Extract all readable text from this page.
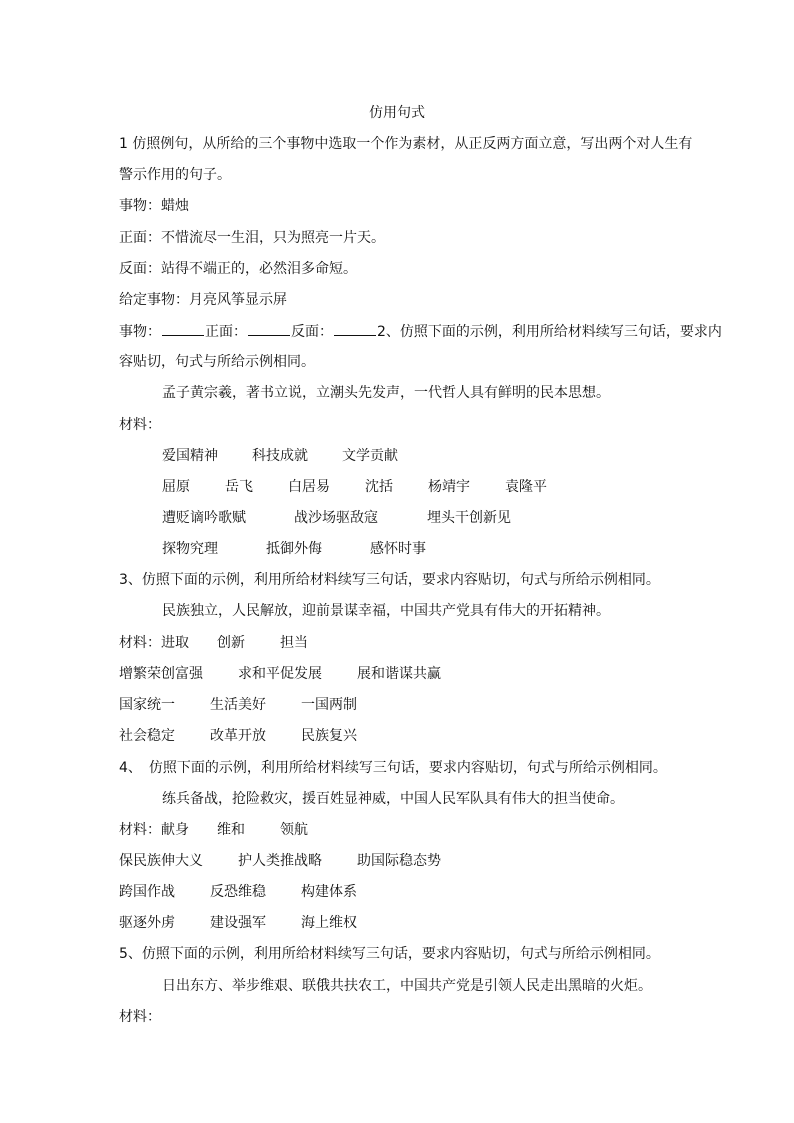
仿用句式
1 仿照例句，从所给的三个事物中选取一个作为素材，从正反两方面立意，写出两个对人生有
警示作用的句子。
事物：蜡烛
正面：不惜流尽一生泪，只为照亮一片天。
反面：站得不端正的，必然泪多命短。
给定事物：月亮风筝显示屏
事物：	正面：	反面：	2、仿照下面的示例，利用所给材料续写三句话，要求内
容贴切，句式与所给示例相同。
孟子黄宗羲，著书立说，立潮头先发声，一代哲人具有鲜明的民本思想。
材料：
爱国精神 科技成就 文学贡献
屈原	岳飞	白居易	沈括	杨靖宇	袁隆平
遭贬谪吟歌赋	战沙场驱敌寇	埋头干创新见
探物究理	抵御外侮	感怀时事
3、仿照下面的示例，利用所给材料续写三句话，要求内容贴切，句式与所给示例相同。
民族独立，人民解放，迎前景谋幸福，中国共产党具有伟大的开拓精神。
材料：进取 创新	担当
增繁荣创富强	求和平促发展	展和谐谋共赢
国家统一	生活美好	一国两制
社会稳定	改革开放	民族复兴
4、　仿照下面的示例，利用所给材料续写三句话，要求内容贴切，句式与所给示例相同。
练兵备战，抢险救灾，援百姓显神威，中国人民军队具有伟大的担当使命。
材料：献身 维和	领航
保民族伸大义	护人类推战略	助国际稳态势
跨国作战	反恐维稳	构建体系
驱逐外虏	建设强军	海上维权
5、仿照下面的示例，利用所给材料续写三句话，要求内容贴切，句式与所给示例相同。
日出东方、举步维艰、联俄共扶农工，中国共产党是引领人民走出黑暗的火炬。
材料：
